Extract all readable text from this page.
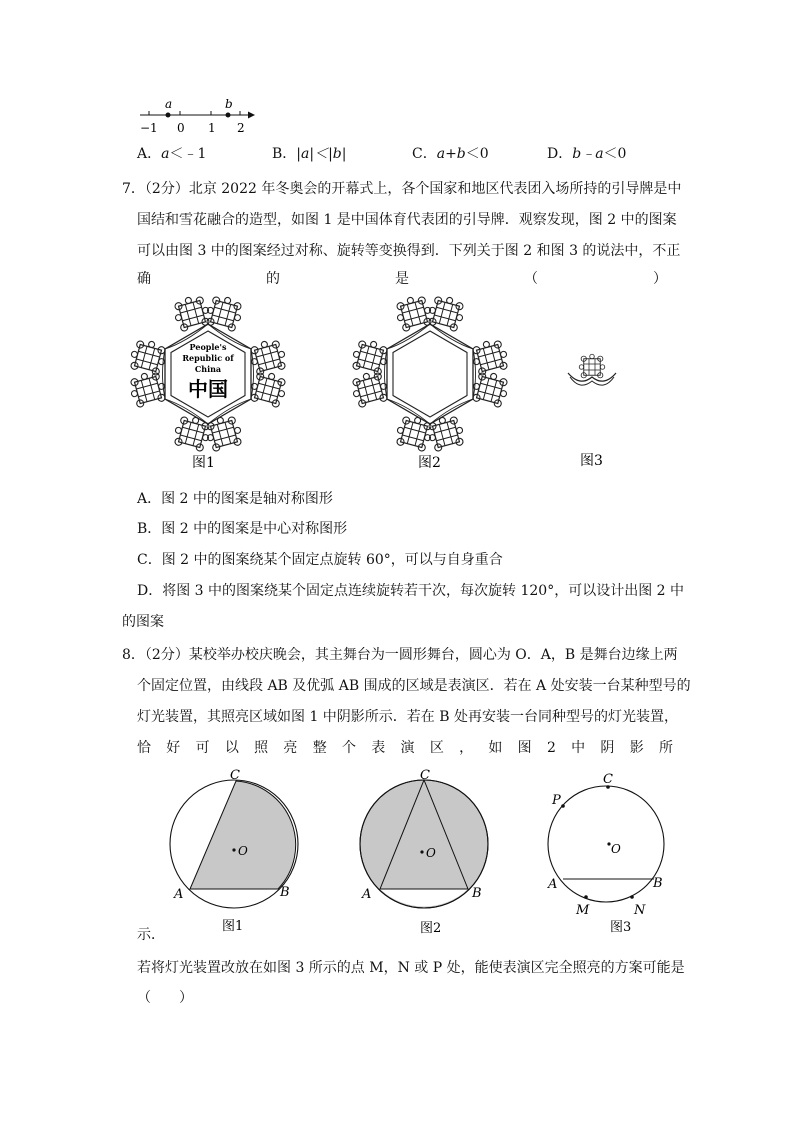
a	b
−1 0 1 2
A．a＜﹣1	B．|a|＜|b|	C．a+b＜0	D．b﹣a＜0
7．（2分）北京 2022 年冬奥会的开幕式上，各个国家和地区代表团入场所持的引导牌是中
国结和雪花融合的造型，如图 1 是中国体育代表团的引导牌．观察发现，图 2 中的图案
可以由图 3 中的图案经过对称、旋转等变换得到．下列关于图 2 和图 3 的说法中，不正
确	的	是	（	）
People's
Republic of
China
中国
图1	图2	图3
A．图 2 中的图案是轴对称图形
B．图 2 中的图案是中心对称图形
C．图 2 中的图案绕某个固定点旋转 60°，可以与自身重合
D．将图 3 中的图案绕某个固定点连续旋转若干次，每次旋转 120°，可以设计出图 2 中
的图案
8．（2分）某校举办校庆晚会，其主舞台为一圆形舞台，圆心为 O．A，B 是舞台边缘上两
个固定位置，由线段 AB 及优弧 AB 围成的区域是表演区．若在 A 处安装一台某种型号的
灯光装置，其照亮区域如图 1 中阴影所示．若在 B 处再安装一台同种型号的灯光装置，
恰 好 可 以 照 亮 整 个 表 演 区 ， 如 图 2 中 阴 影 所
C
O
A	B
图1
C
O
A	B
图2
C
P
O
A	B
M	N
图3
示．
若将灯光装置改放在如图 3 所示的点 M，N 或 P 处，能使表演区完全照亮的方案可能是
（　　）
